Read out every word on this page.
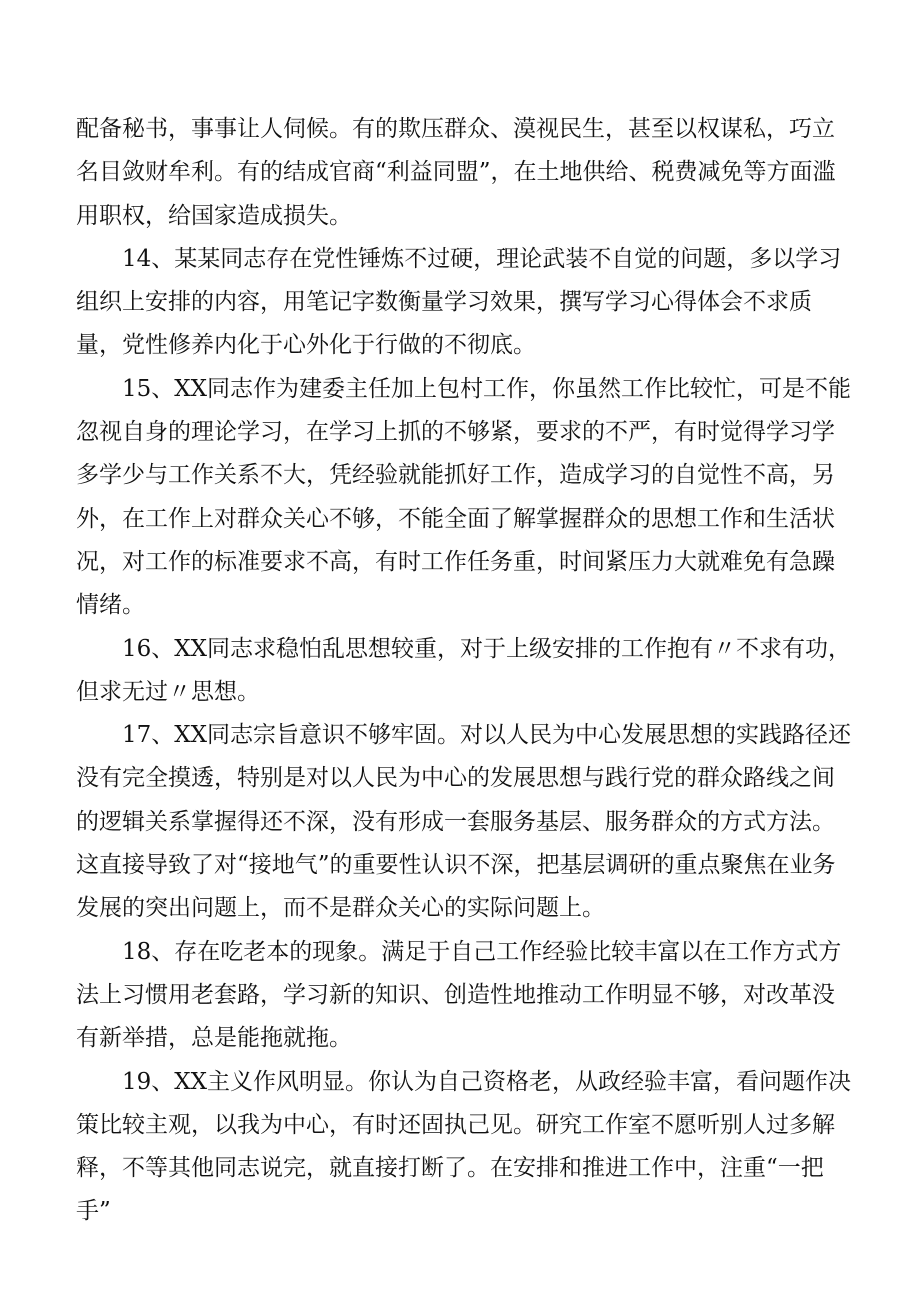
配备秘书，事事让人伺候。有的欺压群众、漠视民生，甚至以权谋私，巧立名目敛财牟利。有的结成官商“利益同盟”，在土地供给、税费减免等方面滥用职权，给国家造成损失。

14、某某同志存在党性锤炼不过硬，理论武装不自觉的问题，多以学习组织上安排的内容，用笔记字数衡量学习效果，撰写学习心得体会不求质量，党性修养内化于心外化于行做的不彻底。

15、XX同志作为建委主任加上包村工作，你虽然工作比较忙，可是不能忽视自身的理论学习，在学习上抓的不够紧，要求的不严，有时觉得学习学多学少与工作关系不大，凭经验就能抓好工作，造成学习的自觉性不高，另外，在工作上对群众关心不够，不能全面了解掌握群众的思想工作和生活状况，对工作的标准要求不高，有时工作任务重，时间紧压力大就难免有急躁情绪。

16、XX同志求稳怕乱思想较重，对于上级安排的工作抱有〃不求有功，但求无过〃思想。

17、XX同志宗旨意识不够牢固。对以人民为中心发展思想的实践路径还没有完全摸透，特别是对以人民为中心的发展思想与践行党的群众路线之间的逻辑关系掌握得还不深，没有形成一套服务基层、服务群众的方式方法。这直接导致了对“接地气”的重要性认识不深，把基层调研的重点聚焦在业务发展的突出问题上，而不是群众关心的实际问题上。

18、存在吃老本的现象。满足于自己工作经验比较丰富以在工作方式方法上习惯用老套路，学习新的知识、创造性地推动工作明显不够，对改革没有新举措，总是能拖就拖。

19、XX主义作风明显。你认为自己资格老，从政经验丰富，看问题作决策比较主观，以我为中心，有时还固执己见。研究工作室不愿听别人过多解释，不等其他同志说完，就直接打断了。在安排和推进工作中，注重“一把手”
